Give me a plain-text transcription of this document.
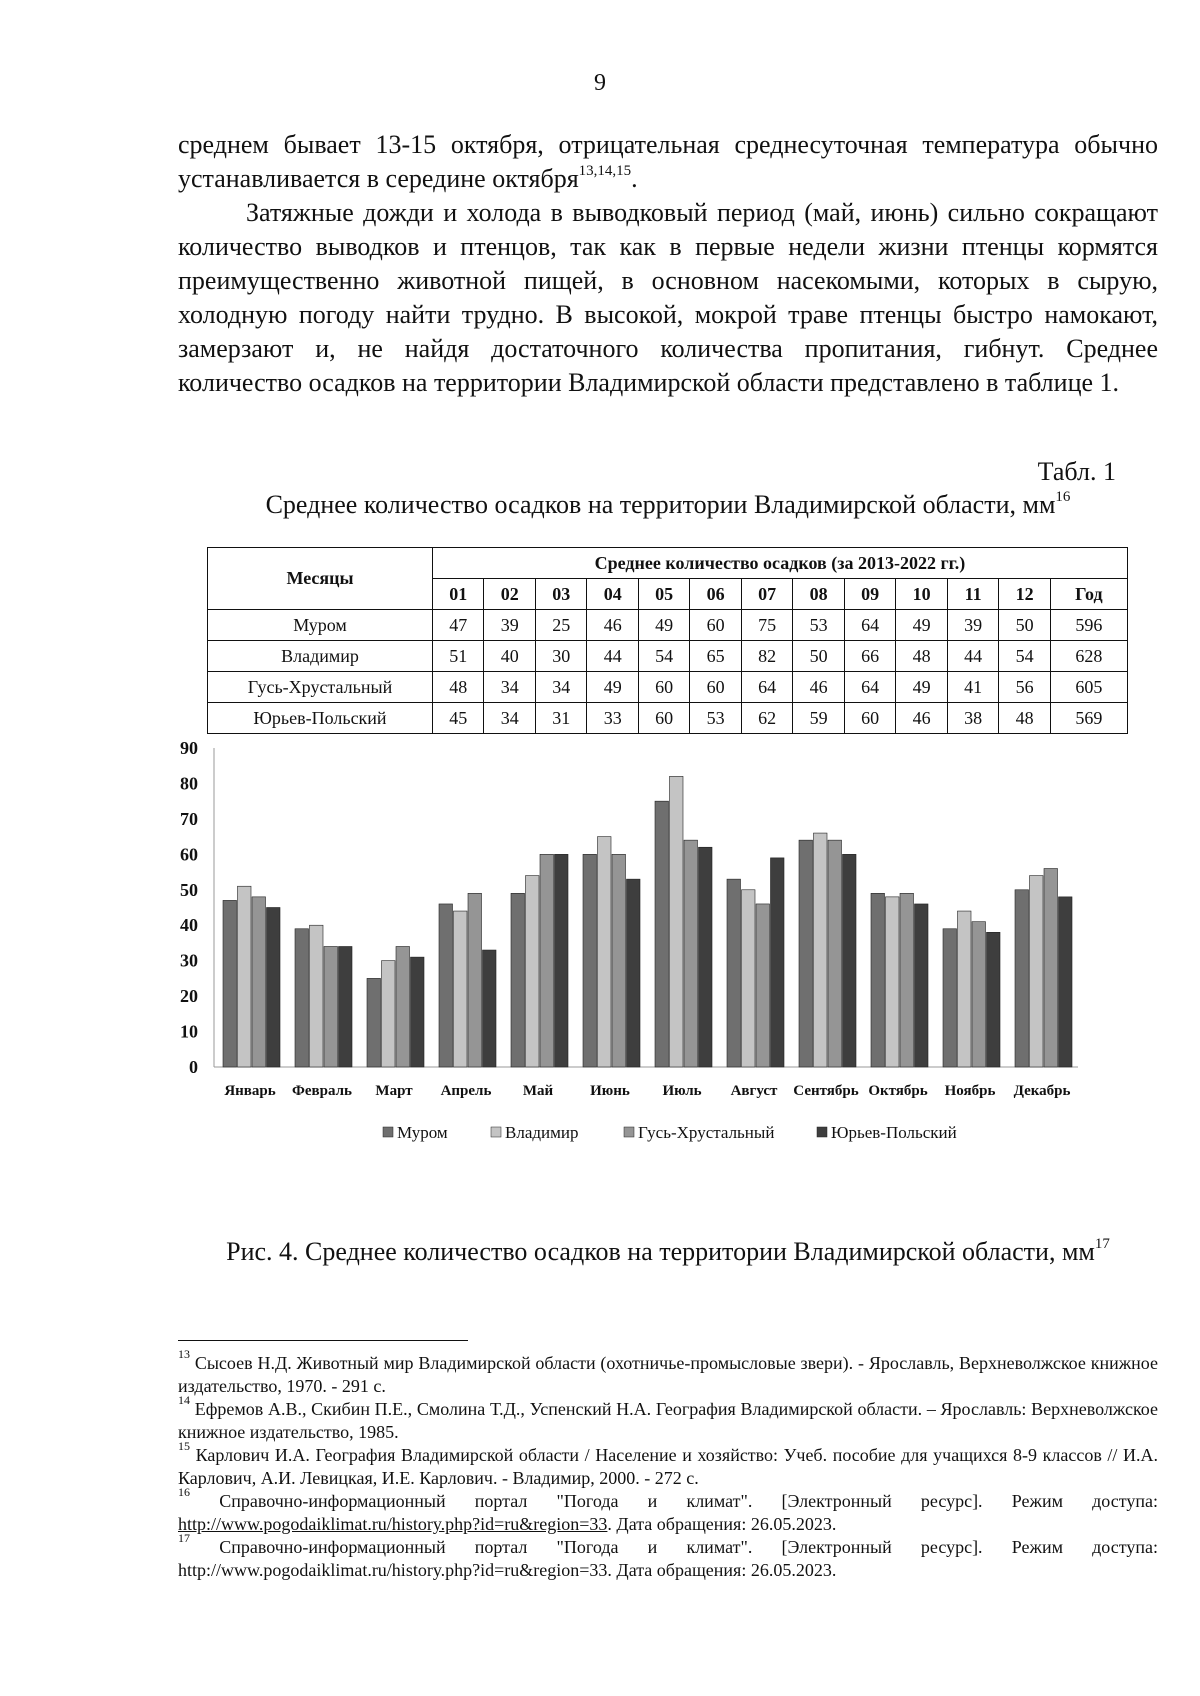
9

среднем бывает 13-15 октября, отрицательная среднесуточная температура обычно устанавливается в середине октября$^{13,14,15}$.

Затяжные дожди и холода в выводковый период (май, июнь) сильно сокращают количество выводков и птенцов, так как в первые недели жизни птенцы кормятся преимущественно животной пищей, в основном насекомыми, которых в сырую, холодную погоду найти трудно. В высокой, мокрой траве птенцы быстро намокают, замерзают и, не найдя достаточного количества пропитания, гибнут. Среднее количество осадков на территории Владимирской области представлено в таблице 1.

Табл. 1
Среднее количество осадков на территории Владимирской области, $мм^{16}$
Месяцы	Среднее количество осадков (за 2013-2022 гг.)												
	01	02	03	04	05	06	07	08	09	10	11	12	Год
Муром	47	39	25	46	49	60	75	53	64	49	39	50	596
Владимир	51	40	30	44	54	65	82	50	66	48	44	54	628
Гусь-Хрустальный	48	34	34	49	60	60	64	46	64	49	41	56	605
Юрьев-Польский	45	34	31	33	60	53	62	59	60	46	38	48	569
0
10
20
30
40
50
60
70
80
90
Январь Февраль Март Апрель Май Июнь Июль Август Сентябрь Октябрь Ноябрь Декабрь
Муром	Владимир	Гусь-Хрустальный	Юрьев-Польский
Рис. 4. Среднее количество осадков на территории Владимирской области, $мм^{17}$

$^{13}$ Сысоев Н.Д. Животный мир Владимирской области (охотничье-промысловые звери). - Ярославль, Верхневолжское книжное издательство, 1970. - 291 с.

$^{14}$ Ефремов А.В., Скибин П.Е., Смолина Т.Д., Успенский Н.А. География Владимирской области. – Ярославль: Верхневолжское книжное издательство, 1985.

$^{15}$ Карлович И.А. География Владимирской области / Население и хозяйство: Учеб. пособие для учащихся 8-9 классов // И.А. Карлович, А.И. Левицкая, И.Е. Карлович. - Владимир, 2000. - 272 с.

$^{16}$ Справочно-информационный портал "Погода и климат". [Электронный ресурс]. Режим доступа: http://www.pogodaiklimat.ru/history.php?id=ru&region=33. Дата обращения: 26.05.2023.

$^{17}$ Справочно-информационный портал "Погода и климат". [Электронный ресурс]. Режим доступа: http://www.pogodaiklimat.ru/history.php?id=ru&region=33. Дата обращения: 26.05.2023.
